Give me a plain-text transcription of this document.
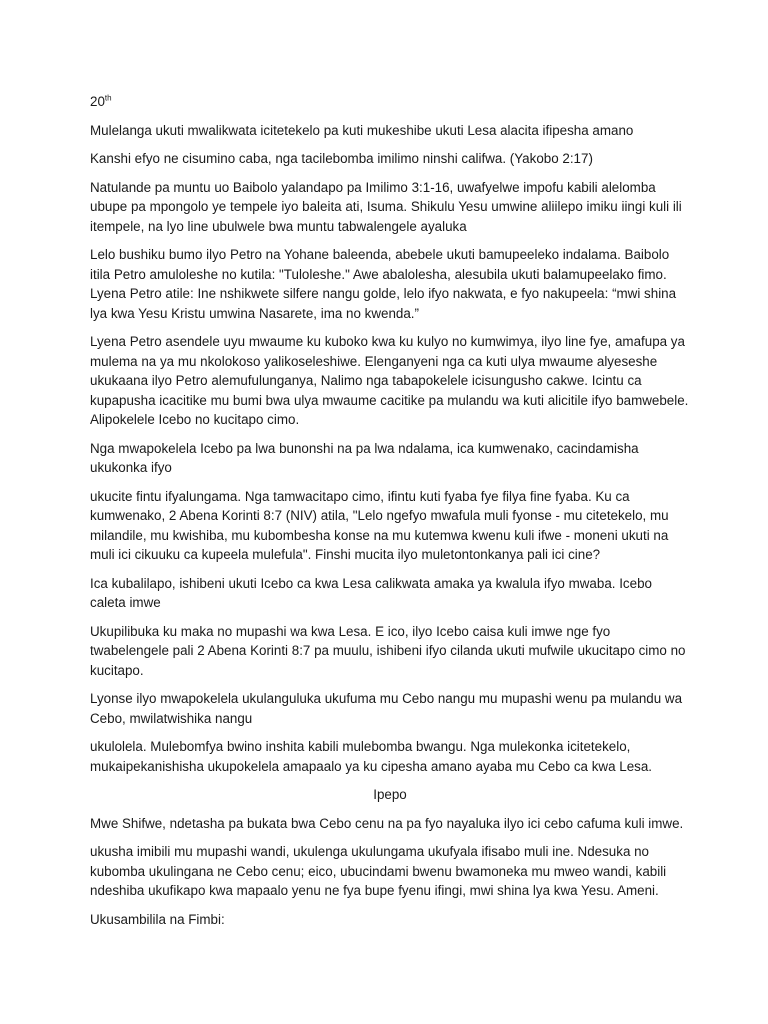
20th

Mulelanga ukuti mwalikwata icitetekelo pa kuti mukeshibe ukuti Lesa alacita ifipesha amano

Kanshi efyo ne cisumino caba, nga tacilebomba imilimo ninshi califwa. (Yakobo 2:17)

Natulande pa muntu uo Baibolo yalandapo pa Imilimo 3:1-16, uwafyelwe impofu kabili alelomba ubupe pa mpongolo ye tempele iyo baleita ati, Isuma. Shikulu Yesu umwine aliilepo imiku iingi kuli ili itempele, na lyo line ubulwele bwa muntu tabwalengele ayaluka

Lelo bushiku bumo ilyo Petro na Yohane baleenda, abebele ukuti bamupeeleko indalama. Baibolo itila Petro amuloleshe no kutila: "Tuloleshe." Awe abalolesha, alesubila ukuti balamupeelako fimo. Lyena Petro atile: Ine nshikwete silfere nangu golde, lelo ifyo nakwata, e fyo nakupeela: “mwi shina lya kwa Yesu Kristu umwina Nasarete, ima no kwenda.”

Lyena Petro asendele uyu mwaume ku kuboko kwa ku kulyo no kumwimya, ilyo line fye, amafupa ya mulema na ya mu nkolokoso yalikoseleshiwe. Elenganyeni nga ca kuti ulya mwaume alyeseshe ukukaana ilyo Petro alemufulunganya, Nalimo nga tabapokelele icisungusho cakwe. Icintu ca kupapusha icacitike mu bumi bwa ulya mwaume cacitike pa mulandu wa kuti alicitile ifyo bamwebele. Alipokelele Icebo no kucitapo cimo.

Nga mwapokelela Icebo pa lwa bunonshi na pa lwa ndalama, ica kumwenako, cacindamisha ukukonka ifyo

ukucite fintu ifyalungama. Nga tamwacitapo cimo, ifintu kuti fyaba fye filya fine fyaba. Ku ca kumwenako, 2 Abena Korinti 8:7 (NIV) atila, "Lelo ngefyo mwafula muli fyonse - mu citetekelo, mu milandile, mu kwishiba, mu kubombesha konse na mu kutemwa kwenu kuli ifwe - moneni ukuti na muli ici cikuuku ca kupeela mulefula". Finshi mucita ilyo muletontonkanya pali ici cine?

Ica kubalilapo, ishibeni ukuti Icebo ca kwa Lesa calikwata amaka ya kwalula ifyo mwaba. Icebo caleta imwe

Ukupilibuka ku maka no mupashi wa kwa Lesa. E ico, ilyo Icebo caisa kuli imwe nge fyo twabelengele pali 2 Abena Korinti 8:7 pa muulu, ishibeni ifyo cilanda ukuti mufwile ukucitapo cimo no kucitapo.

Lyonse ilyo mwapokelela ukulanguluka ukufuma mu Cebo nangu mu mupashi wenu pa mulandu wa Cebo, mwilatwishika nangu

ukulolela. Mulebomfya bwino inshita kabili mulebomba bwangu. Nga mulekonka icitetekelo, mukaipekanishisha ukupokelela amapaalo ya ku cipesha amano ayaba mu Cebo ca kwa Lesa.

Ipepo

Mwe Shifwe, ndetasha pa bukata bwa Cebo cenu na pa fyo nayaluka ilyo ici cebo cafuma kuli imwe.

ukusha imibili mu mupashi wandi, ukulenga ukulungama ukufyala ifisabo muli ine. Ndesuka no kubomba ukulingana ne Cebo cenu; eico, ubucindami bwenu bwamoneka mu mweo wandi, kabili ndeshiba ukufikapo kwa mapaalo yenu ne fya bupe fyenu ifingi, mwi shina lya kwa Yesu. Ameni.

Ukusambilila na Fimbi:
